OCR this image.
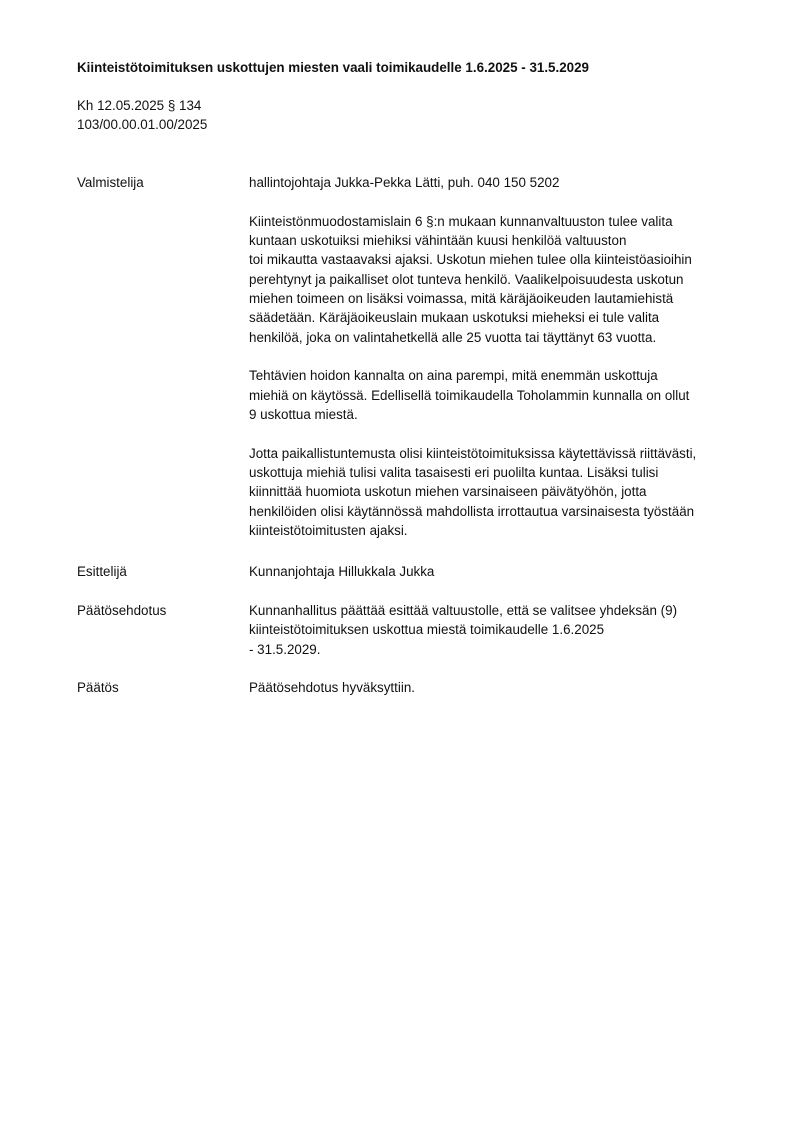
Kiinteistötoimituksen uskottujen miesten vaali toimikaudelle 1.6.2025 - 31.5.2029
Kh 12.05.2025 § 134
103/00.00.01.00/2025
Valmistelija	hallintojohtaja Jukka-Pekka Lätti, puh. 040 150 5202

Kiinteistönmuodostamislain 6 §:n mukaan kunnanvaltuuston tulee valita
kuntaan uskotuiksi miehiksi vähintään kuusi henkilöä valtuuston
toi mikautta vastaavaksi ajaksi. Uskotun miehen tulee olla kiinteistöasioihin
perehtynyt ja paikalliset olot tunteva henkilö. Vaalikelpoisuudesta uskotun
miehen toimeen on lisäksi voimassa, mitä käräjäoikeuden lautamiehistä
säädetään. Käräjäoikeuslain mukaan uskotuksi mieheksi ei tule valita
henkilöä, joka on valintahetkellä alle 25 vuotta tai täyttänyt 63 vuotta.

Tehtävien hoidon kannalta on aina parempi, mitä enemmän uskottuja
miehiä on käytössä. Edellisellä toimikaudella Toholammin kunnalla on ollut
9 uskottua miestä.

Jotta paikallistuntemusta olisi kiinteistötoimituksissa käytettävissä riittävästi,
uskottuja miehiä tulisi valita tasaisesti eri puolilta kuntaa. Lisäksi tulisi
kiinnittää huomiota uskotun miehen varsinaiseen päivätyöhön, jotta
henkilöiden olisi käytännössä mahdollista irrottautua varsinaisesta työstään
kiinteistötoimitusten ajaksi.

Esittelijä	Kunnanjohtaja Hillukkala Jukka
Päätösehdotus	Kunnanhallitus päättää esittää valtuustolle, että se valitsee yhdeksän (9)
kiinteistötoimituksen uskottua miestä toimikaudelle 1.6.2025
- 31.5.2029.
Päätös	Päätösehdotus hyväksyttiin.
